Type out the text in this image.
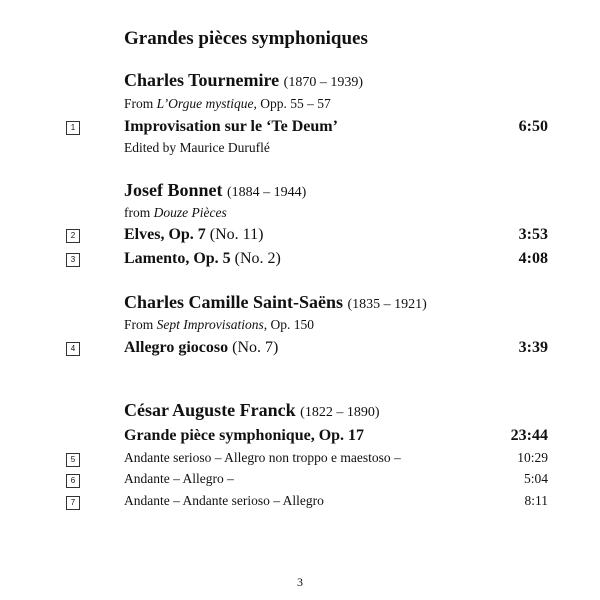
Grandes pièces symphoniques
Charles Tournemire (1870 – 1939)
From L’Orgue mystique, Opp. 55 – 57
1	Improvisation sur le ‘Te Deum’	6:50
Edited by Maurice Duruflé
Josef Bonnet (1884 – 1944)
from Douze Pièces
2	Elves, Op. 7 (No. 11)	3:53
3	Lamento, Op. 5 (No. 2)	4:08
Charles Camille Saint-Saëns (1835 – 1921)
From Sept Improvisations, Op. 150
4	Allegro giocoso (No. 7)	3:39
César Auguste Franck (1822 – 1890)
Grande pièce symphonique, Op. 17	23:44
5	Andante serioso – Allegro non troppo e maestoso –	10:29
6	Andante – Allegro –	5:04
7	Andante – Andante serioso – Allegro	8:11
3
